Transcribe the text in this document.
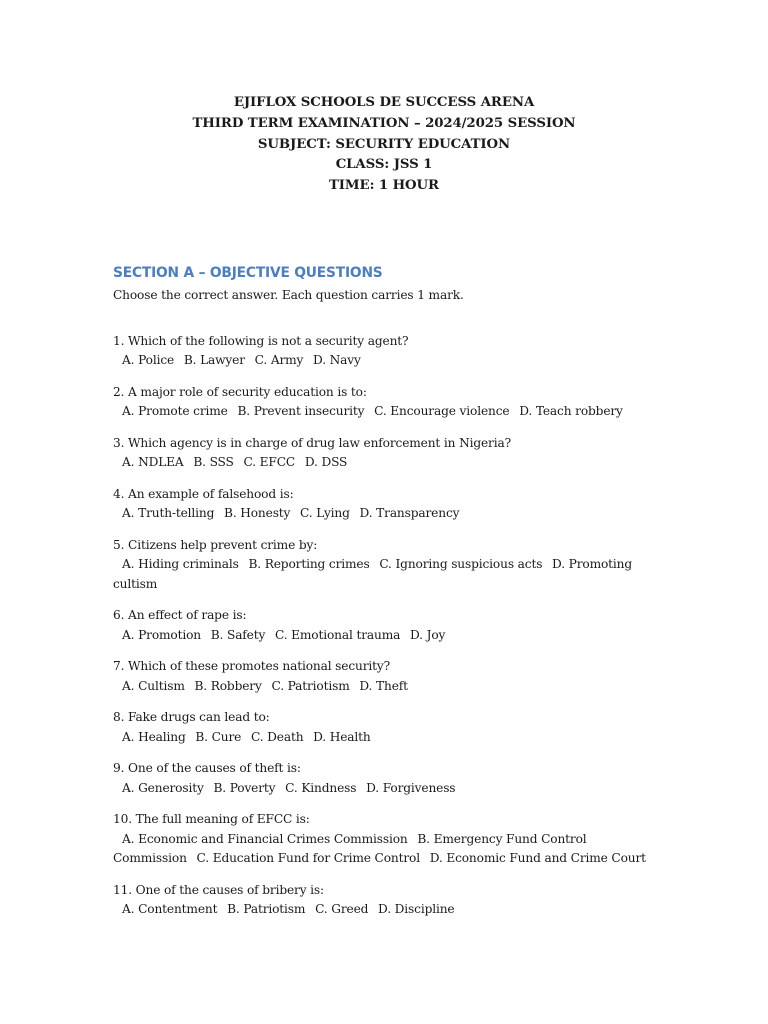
EJIFLOX SCHOOLS DE SUCCESS ARENA
THIRD TERM EXAMINATION – 2024/2025 SESSION
SUBJECT: SECURITY EDUCATION
CLASS: JSS 1
TIME: 1 HOUR
SECTION A – OBJECTIVE QUESTIONS
Choose the correct answer. Each question carries 1 mark.
1. Which of the following is not a security agent?
A. Police B. Lawyer C. Army D. Navy
2. A major role of security education is to:
A. Promote crime B. Prevent insecurity C. Encourage violence D. Teach robbery
3. Which agency is in charge of drug law enforcement in Nigeria?
A. NDLEA B. SSS C. EFCC D. DSS
4. An example of falsehood is:
A. Truth-telling B. Honesty C. Lying D. Transparency
5. Citizens help prevent crime by:
A. Hiding criminals B. Reporting crimes C. Ignoring suspicious acts D. Promoting cultism
6. An effect of rape is:
A. Promotion B. Safety C. Emotional trauma D. Joy
7. Which of these promotes national security?
A. Cultism B. Robbery C. Patriotism D. Theft
8. Fake drugs can lead to:
A. Healing B. Cure C. Death D. Health
9. One of the causes of theft is:
A. Generosity B. Poverty C. Kindness D. Forgiveness
10. The full meaning of EFCC is:
A. Economic and Financial Crimes Commission B. Emergency Fund Control Commission C. Education Fund for Crime Control D. Economic Fund and Crime Court
11. One of the causes of bribery is:
A. Contentment B. Patriotism C. Greed D. Discipline
